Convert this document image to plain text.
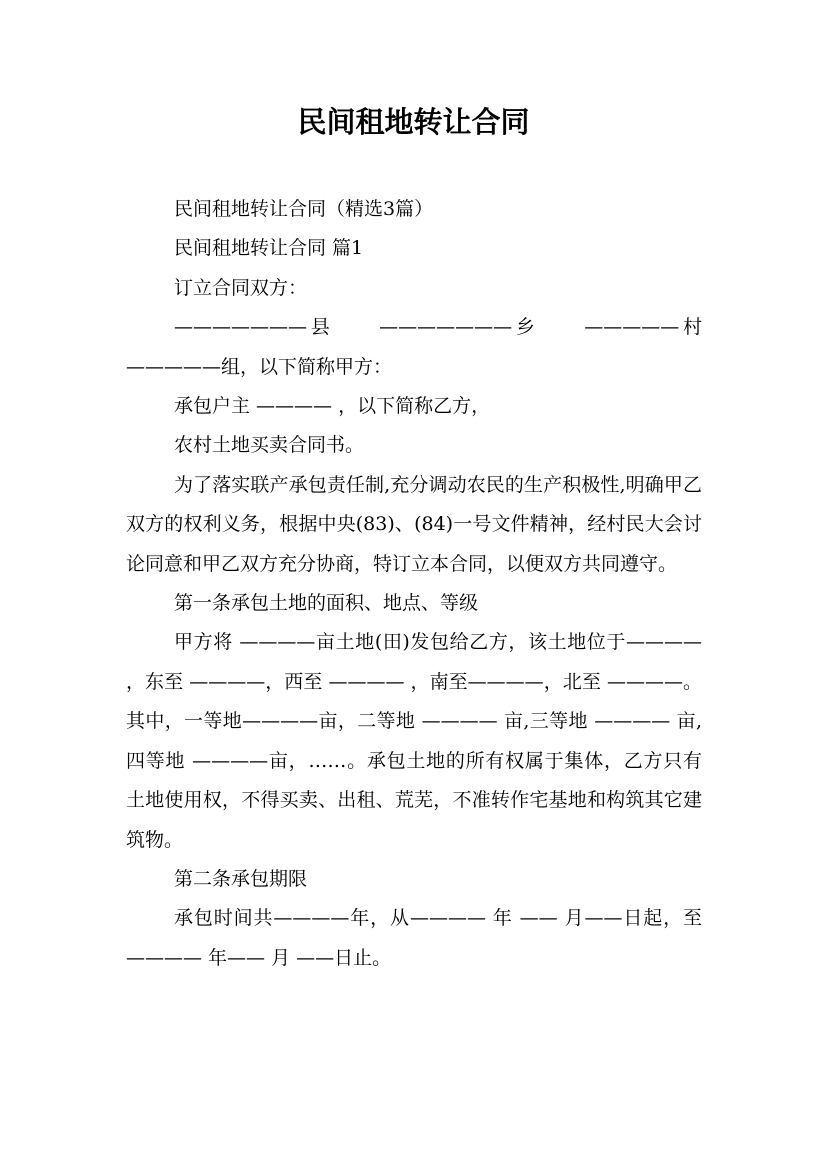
民间租地转让合同

民间租地转让合同（精选3篇）

民间租地转让合同 篇1

订立合同双方：

———————县　　———————乡　　—————村—————组，以下简称甲方：

承包户主 ———— ，以下简称乙方，

农村土地买卖合同书。

为了落实联产承包责任制,充分调动农民的生产积极性,明确甲乙双方的权利义务，根据中央(83)、(84)一号文件精神，经村民大会讨论同意和甲乙双方充分协商，特订立本合同，以便双方共同遵守。

第一条承包土地的面积、地点、等级

甲方将 ————亩土地(田)发包给乙方，该土地位于———— ，东至 ————，西至 ———— ，南至————，北至 ————。其中，一等地————亩，二等地 ———— 亩,三等地 ———— 亩,四等地 ————亩，……。承包土地的所有权属于集体，乙方只有土地使用权，不得买卖、出租、荒芜，不准转作宅基地和构筑其它建筑物。

第二条承包期限

承包时间共————年，从———— 年 —— 月——日起，至 ———— 年—— 月 ——日止。
